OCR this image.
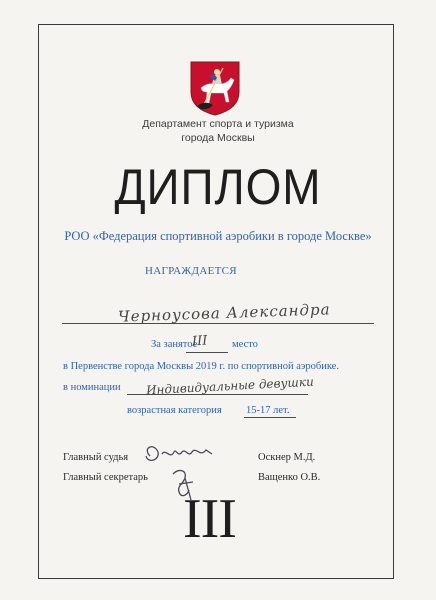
Департамент спорта и туризма
города Москвы
ДИПЛОМ
РОО «Федерация спортивной аэробики в городе Москве»
НАГРАЖДАЕТСЯ
Черноусова Александра
За занятое
III место
в Первенстве города Москвы 2019 г. по спортивной аэробике.
в номинации Индивидуальные девушки
возрастная категория 15-17 лет.
Главный судья	Оскнер М.Д.
Главный секретарь	Ващенко О.В.
III
